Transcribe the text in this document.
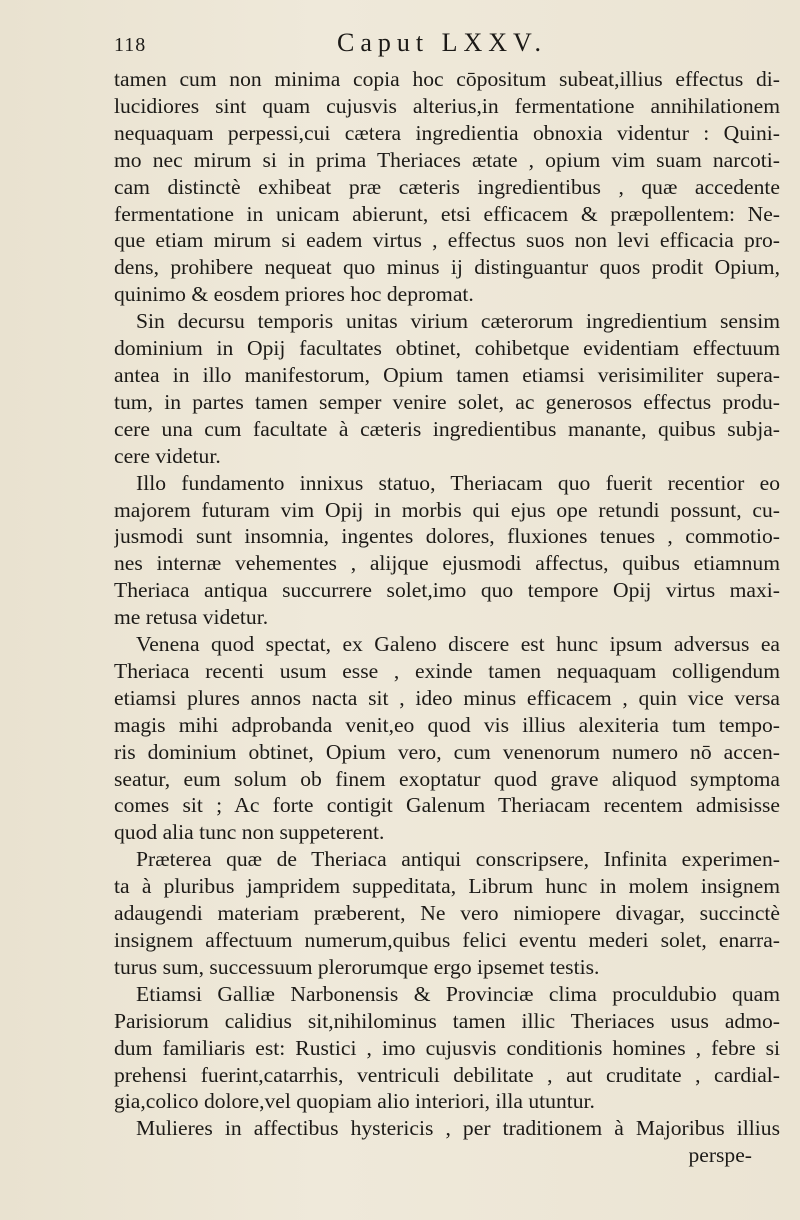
118	Caput LXXV.
tamen cum non minima copia hoc cōpositum subeat,illius effectus di-
lucidiores sint quam cujusvis alterius,in fermentatione annihilationem
nequaquam perpessi,cui cætera ingredientia obnoxia videntur : Quini-
mo nec mirum si in prima Theriaces ætate , opium vim suam narcoti-
cam distinctè exhibeat præ cæteris ingredientibus , quæ accedente
fermentatione in unicam abierunt, etsi efficacem & præpollentem: Ne-
que etiam mirum si eadem virtus , effectus suos non levi efficacia pro-
dens, prohibere nequeat quo minus ij distinguantur quos prodit Opium,
quinimo & eosdem priores hoc depromat.
Sin decursu temporis unitas virium cæterorum ingredientium sensim
dominium in Opij facultates obtinet, cohibetque evidentiam effectuum
antea in illo manifestorum, Opium tamen etiamsi verisimiliter supera-
tum, in partes tamen semper venire solet, ac generosos effectus produ-
cere una cum facultate à cæteris ingredientibus manante, quibus subja-
cere videtur.
Illo fundamento innixus statuo, Theriacam quo fuerit recentior eo
majorem futuram vim Opij in morbis qui ejus ope retundi possunt, cu-
jusmodi sunt insomnia, ingentes dolores, fluxiones tenues , commotio-
nes internæ vehementes , alijque ejusmodi affectus, quibus etiamnum
Theriaca antiqua succurrere solet,imo quo tempore Opij virtus maxi-
me retusa videtur.
Venena quod spectat, ex Galeno discere est hunc ipsum adversus ea
Theriaca recenti usum esse , exinde tamen nequaquam colligendum
etiamsi plures annos nacta sit , ideo minus efficacem , quin vice versa
magis mihi adprobanda venit,eo quod vis illius alexiteria tum tempo-
ris dominium obtinet, Opium vero, cum venenorum numero nō accen-
seatur, eum solum ob finem exoptatur quod grave aliquod symptoma
comes sit ; Ac forte contigit Galenum Theriacam recentem admisisse
quod alia tunc non suppeterent.
Præterea quæ de Theriaca antiqui conscripsere, Infinita experimen-
ta à pluribus jampridem suppeditata, Librum hunc in molem insignem
adaugendi materiam præberent, Ne vero nimiopere divagar, succinctè
insignem affectuum numerum,quibus felici eventu mederi solet, enarra-
turus sum, successuum plerorumque ergo ipsemet testis.
Etiamsi Galliæ Narbonensis & Provinciæ clima proculdubio quam
Parisiorum calidius sit,nihilominus tamen illic Theriaces usus admo-
dum familiaris est: Rustici , imo cujusvis conditionis homines , febre si
prehensi fuerint,catarrhis, ventriculi debilitate , aut cruditate , cardial-
gia,colico dolore,vel quopiam alio interiori, illa utuntur.
Mulieres in affectibus hystericis , per traditionem à Majoribus illius
perspe-
